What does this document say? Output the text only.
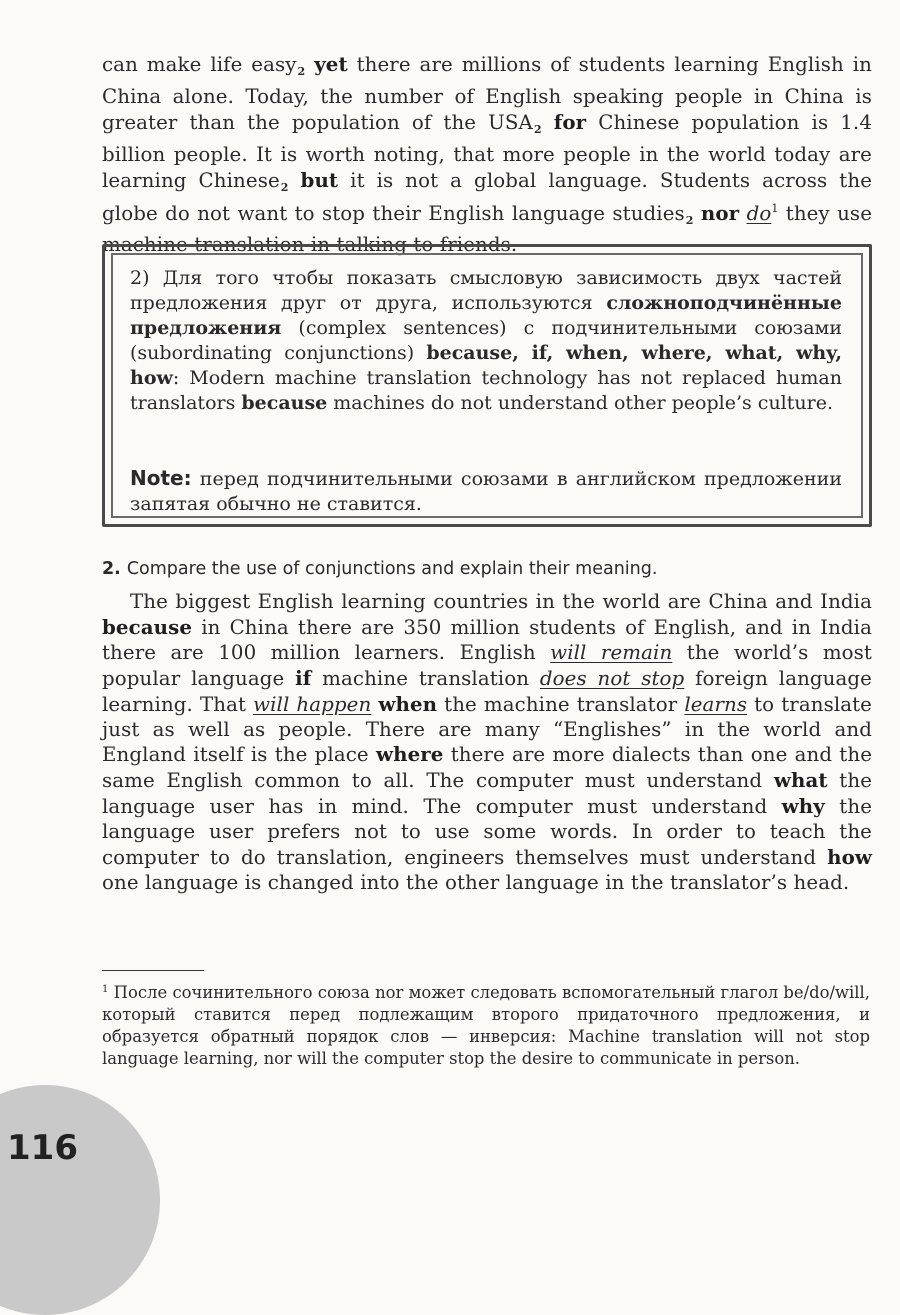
can make life easy$_2$ yet there are millions of students learning English in China alone. Today, the number of English speaking people in China is greater than the population of the $USA_2$ for Chinese population is 1.4 billion people. It is worth noting, that more people in the world today are learning Chinese$_2$ but it is not a global language. Students across the globe do not want to stop their English language studies$_2$ nor $do^1$ they use machine translation in talking to friends.
2) Для того чтобы показать смысловую зависимость двух частей предложения друг от друга, используются сложноподчинённые предложения (complex sentences) с подчинительными союзами (subordinating conjunctions) because, if, when, where, what, why, how: Modern machine translation technology has not replaced human translators because machines do not understand other people’s culture.
Note: перед подчинительными союзами в английском предложении запятая обычно не ставится.
2. Compare the use of conjunctions and explain their meaning.
The biggest English learning countries in the world are China and India because in China there are 350 million students of English, and in India there are 100 million learners. English will remain the world’s most popular language if machine translation does not stop foreign language learning. That will happen when the machine translator learns to translate just as well as people. There are many “Englishes” in the world and England itself is the place where there are more dialects than one and the same English common to all. The computer must understand what the language user has in mind. The computer must understand why the language user prefers not to use some words. In order to teach the computer to do translation, engineers themselves must understand how one language is changed into the other language in the translator’s head.
$^1$ После сочинительного союза nor может следовать вспомогательный глагол be/do/will, который ставится перед подлежащим второго придаточного предложения, и образуется обратный порядок слов — инверсия: Machine translation will not stop language learning, nor will the computer stop the desire to communicate in person.
116
